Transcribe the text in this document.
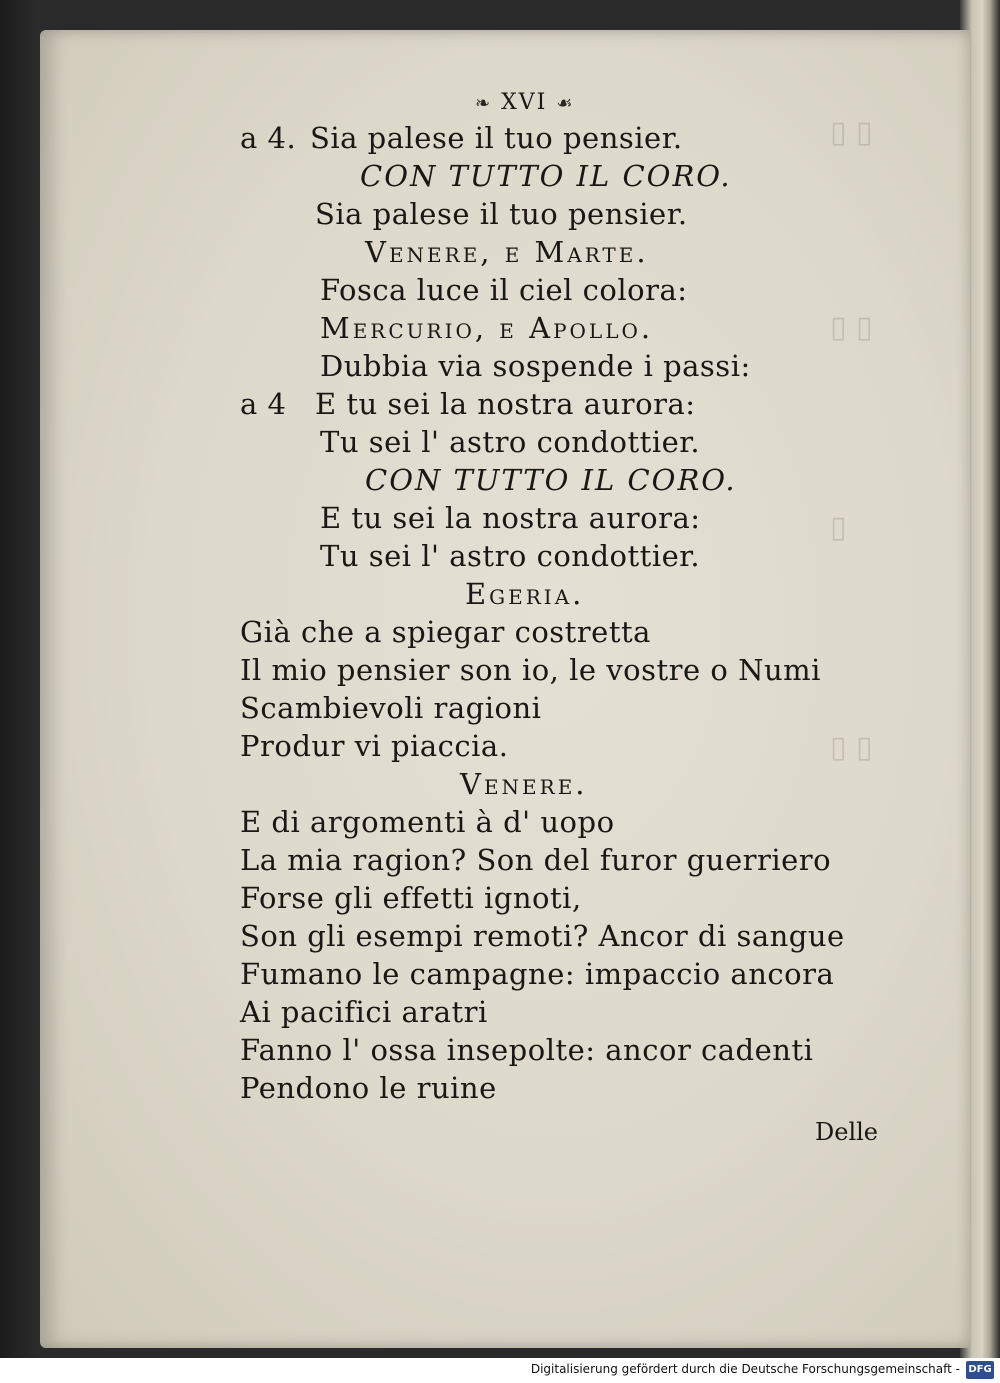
❧ XVI ☙
a 4. Sia palese il tuo pensier.
CON TUTTO IL CORO.
Sia palese il tuo pensier.
Venere, e Marte.
Fosca luce il ciel colora:
Mercurio, e Apollo.
Dubbia via sospende i passi:
a 4 E tu sei la nostra aurora:
Tu sei l' astro condottier.
CON TUTTO IL CORO.
E tu sei la nostra aurora:
Tu sei l' astro condottier.
Egeria.
Già che a spiegar costretta
Il mio pensier son io, le vostre o Numi
Scambievoli ragioni
Produr vi piaccia.
Venere.
E di argomenti à d' uopo
La mia ragion? Son del furor guerriero
Forse gli effetti ignoti,
Son gli esempi remoti? Ancor di sangue
Fumano le campagne: impaccio ancora
Ai pacifici aratri
Fanno l' ossa insepolte: ancor cadenti
Pendono le ruine
Delle
▯ ▯
▯ ▯
▯
▯ ▯
Digitalisierung gefördert durch die Deutsche Forschungsgemeinschaft - DFG
